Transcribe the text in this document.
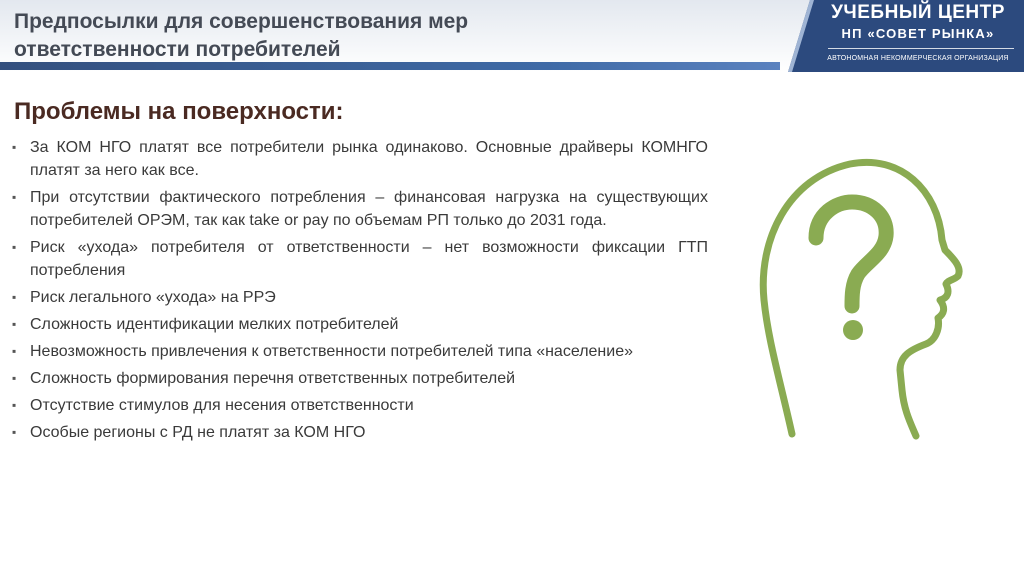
Предпосылки для совершенствования мер
ответственности потребителей
УЧЕБНЫЙ ЦЕНТР
НП «СОВЕТ РЫНКА»
АВТОНОМНАЯ НЕКОММЕРЧЕСКАЯ ОРГАНИЗАЦИЯ
Проблемы на поверхности:
▪ За КОМ НГО платят все потребители рынка одинаково. Основные драйверы КОМНГО платят за него как все.
▪ При отсутствии фактического потребления – финансовая нагрузка на существующих потребителей ОРЭМ, так как take or pay по объемам РП только до 2031 года.
▪ Риск «ухода» потребителя от ответственности – нет возможности фиксации ГТП потребления
▪ Риск легального «ухода» на РРЭ
▪ Сложность идентификации мелких потребителей
▪ Невозможность привлечения к ответственности потребителей типа «население»
▪ Сложность формирования перечня ответственных потребителей
▪ Отсутствие стимулов для несения ответственности
▪ Особые регионы с РД не платят за КОМ НГО
